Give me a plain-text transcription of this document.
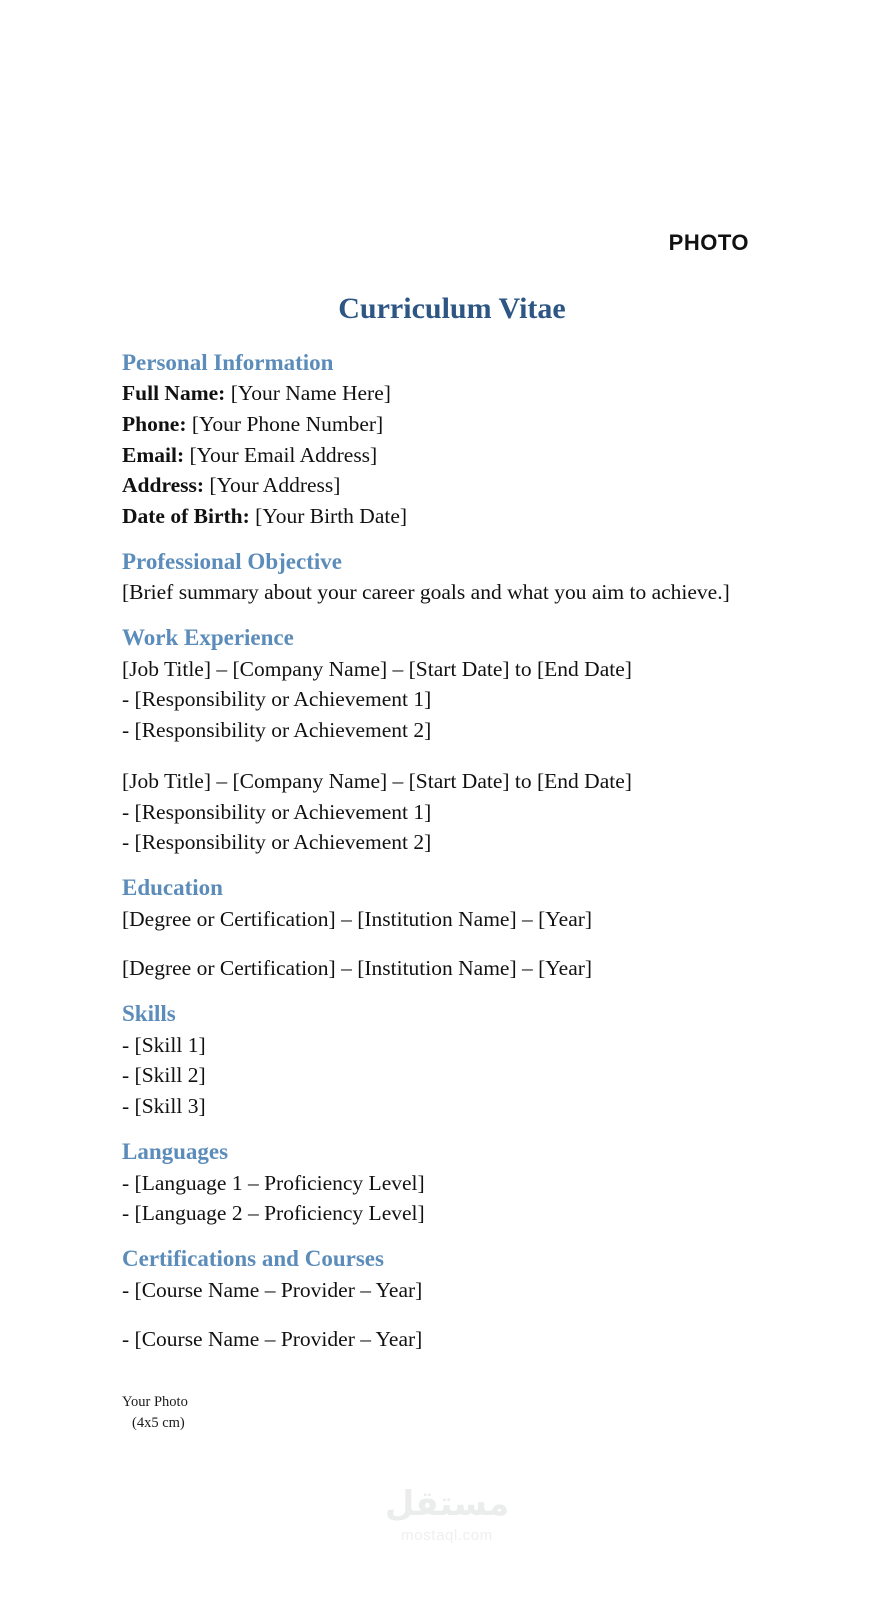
PHOTO
Curriculum Vitae
Personal Information
Full Name: [Your Name Here]
Phone: [Your Phone Number]
Email: [Your Email Address]
Address: [Your Address]
Date of Birth: [Your Birth Date]
Professional Objective
[Brief summary about your career goals and what you aim to achieve.]
Work Experience
[Job Title] – [Company Name] – [Start Date] to [End Date]
- [Responsibility or Achievement 1]
- [Responsibility or Achievement 2]
[Job Title] – [Company Name] – [Start Date] to [End Date]
- [Responsibility or Achievement 1]
- [Responsibility or Achievement 2]
Education
[Degree or Certification] – [Institution Name] – [Year]
[Degree or Certification] – [Institution Name] – [Year]
Skills
- [Skill 1]
- [Skill 2]
- [Skill 3]
Languages
- [Language 1 – Proficiency Level]
- [Language 2 – Proficiency Level]
Certifications and Courses
- [Course Name – Provider – Year]
- [Course Name – Provider – Year]
Your Photo
(4x5 cm)
مستقل
mostaql.com
